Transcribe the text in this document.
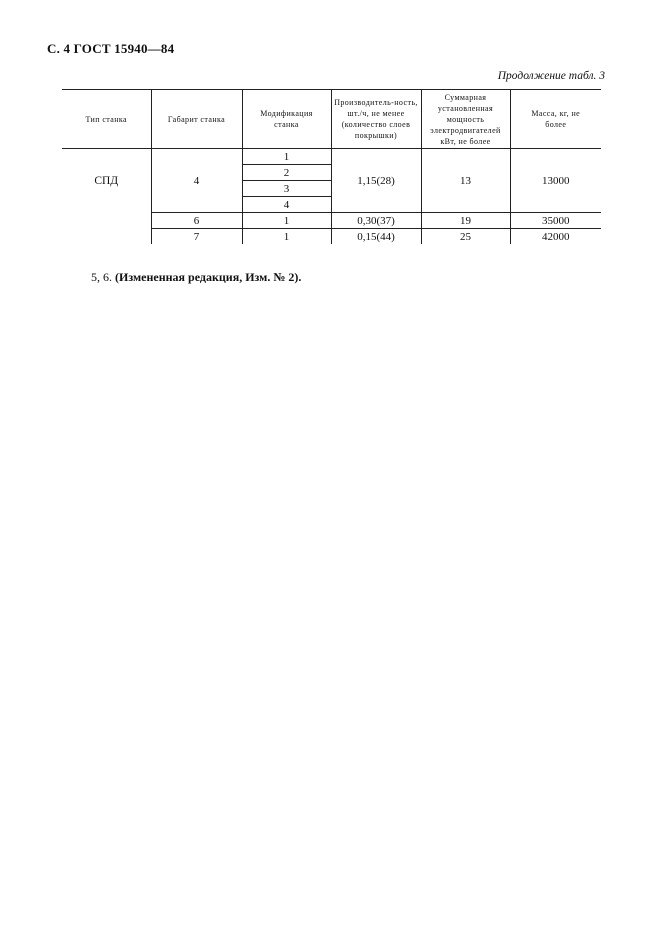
С. 4 ГОСТ 15940—84
Продолжение табл. 3
Тип станка	Габарит станка	Модификация станка	Производитель-ность, шт./ч, не менее (количество слоев покрышки)	Суммарная установленная мощность электродвигателей кВт, не более	Масса, кг, не более
СПД	4	1	1,15(28)	13	13000
		2			
		3			
		4			
	6	1	0,30(37)	19	35000
	7	1	0,15(44)	25	42000
5, 6. (Измененная редакция, Изм. № 2).
